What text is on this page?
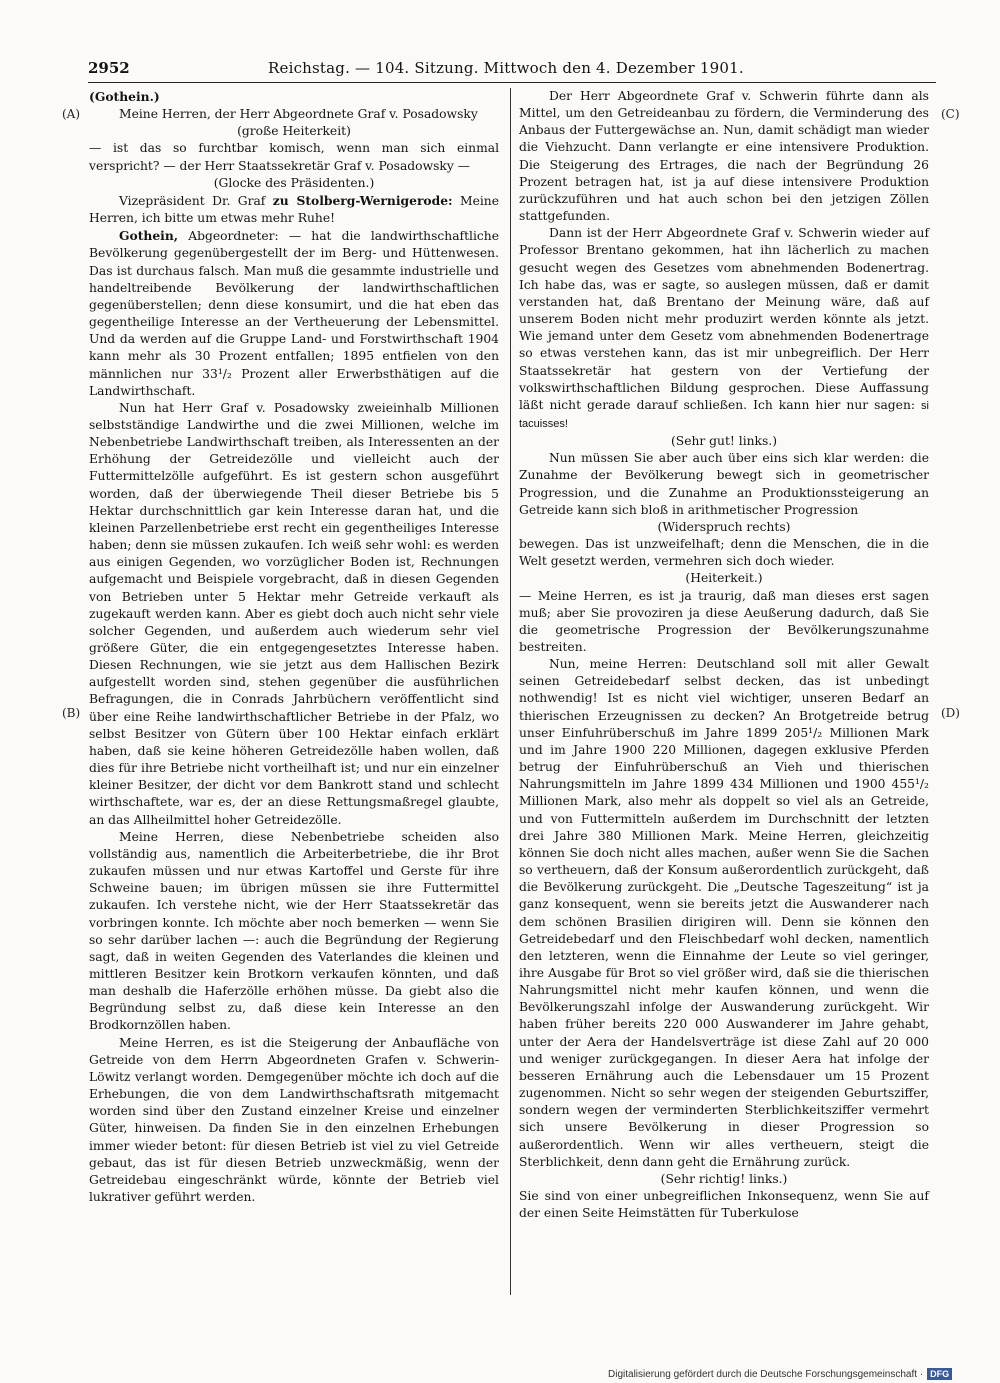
2952	Reichstag. — 104. Sitzung. Mittwoch den 4. Dezember 1901.
(A)
(B)
(C)
(D)

(Gothein.)

Meine Herren, der Herr Abgeordnete Graf v. Posadowsky

(große Heiterkeit)

— ist das so furchtbar komisch, wenn man sich einmal verspricht? — der Herr Staatssekretär Graf v. Posadowsky —

(Glocke des Präsidenten.)

Vizepräsident Dr. Graf zu Stolberg-Wernigerode: Meine Herren, ich bitte um etwas mehr Ruhe!

Gothein, Abgeordneter: — hat die landwirthschaftliche Bevölkerung gegenübergestellt der im Berg- und Hüttenwesen. Das ist durchaus falsch. Man muß die gesammte industrielle und handeltreibende Bevölkerung der landwirthschaftlichen gegenüberstellen; denn diese konsumirt, und die hat eben das gegentheilige Interesse an der Vertheuerung der Lebensmittel. Und da werden auf die Gruppe Land- und Forstwirthschaft 1904 kann mehr als 30 Prozent entfallen; 1895 entfielen von den männlichen nur 33¹/₂ Prozent aller Erwerbsthätigen auf die Landwirthschaft.

Nun hat Herr Graf v. Posadowsky zweieinhalb Millionen selbstständige Landwirthe und die zwei Millionen, welche im Nebenbetriebe Landwirthschaft treiben, als Interessenten an der Erhöhung der Getreidezölle und vielleicht auch der Futtermittelzölle aufgeführt. Es ist gestern schon ausgeführt worden, daß der überwiegende Theil dieser Betriebe bis 5 Hektar durchschnittlich gar kein Interesse daran hat, und die kleinen Parzellenbetriebe erst recht ein gegentheiliges Interesse haben; denn sie müssen zukaufen. Ich weiß sehr wohl: es werden aus einigen Gegenden, wo vorzüglicher Boden ist, Rechnungen aufgemacht und Beispiele vorgebracht, daß in diesen Gegenden von Betrieben unter 5 Hektar mehr Getreide verkauft als zugekauft werden kann. Aber es giebt doch auch nicht sehr viele solcher Gegenden, und außerdem auch wiederum sehr viel größere Güter, die ein entgegengesetztes Interesse haben. Diesen Rechnungen, wie sie jetzt aus dem Hallischen Bezirk aufgestellt worden sind, stehen gegenüber die ausführlichen Befragungen, die in Conrads Jahrbüchern veröffentlicht sind über eine Reihe landwirthschaftlicher Betriebe in der Pfalz, wo selbst Besitzer von Gütern über 100 Hektar einfach erklärt haben, daß sie keine höheren Getreidezölle haben wollen, daß dies für ihre Betriebe nicht vortheilhaft ist; und nur ein einzelner kleiner Besitzer, der dicht vor dem Bankrott stand und schlecht wirthschaftete, war es, der an diese Rettungsmaßregel glaubte, an das Allheilmittel hoher Getreidezölle.

Meine Herren, diese Nebenbetriebe scheiden also vollständig aus, namentlich die Arbeiterbetriebe, die ihr Brot zukaufen müssen und nur etwas Kartoffel und Gerste für ihre Schweine bauen; im übrigen müssen sie ihre Futtermittel zukaufen. Ich verstehe nicht, wie der Herr Staatssekretär das vorbringen konnte. Ich möchte aber noch bemerken — wenn Sie so sehr darüber lachen —: auch die Begründung der Regierung sagt, daß in weiten Gegenden des Vaterlandes die kleinen und mittleren Besitzer kein Brotkorn verkaufen könnten, und daß man deshalb die Haferzölle erhöhen müsse. Da giebt also die Begründung selbst zu, daß diese kein Interesse an den Brodkornzöllen haben.

Meine Herren, es ist die Steigerung der Anbaufläche von Getreide von dem Herrn Abgeordneten Grafen v. Schwerin-Löwitz verlangt worden. Demgegenüber möchte ich doch auf die Erhebungen, die von dem Landwirthschaftsrath mitgemacht worden sind über den Zustand einzelner Kreise und einzelner Güter, hinweisen. Da finden Sie in den einzelnen Erhebungen immer wieder betont: für diesen Betrieb ist viel zu viel Getreide gebaut, das ist für diesen Betrieb unzweckmäßig, wenn der Getreidebau eingeschränkt würde, könnte der Betrieb viel lukrativer geführt werden.

Der Herr Abgeordnete Graf v. Schwerin führte dann als Mittel, um den Getreideanbau zu fördern, die Verminderung des Anbaus der Futtergewächse an. Nun, damit schädigt man wieder die Viehzucht. Dann verlangte er eine intensivere Produktion. Die Steigerung des Ertrages, die nach der Begründung 26 Prozent betragen hat, ist ja auf diese intensivere Produktion zurückzuführen und hat auch schon bei den jetzigen Zöllen stattgefunden.

Dann ist der Herr Abgeordnete Graf v. Schwerin wieder auf Professor Brentano gekommen, hat ihn lächerlich zu machen gesucht wegen des Gesetzes vom abnehmenden Bodenertrag. Ich habe das, was er sagte, so auslegen müssen, daß er damit verstanden hat, daß Brentano der Meinung wäre, daß auf unserem Boden nicht mehr produzirt werden könnte als jetzt. Wie jemand unter dem Gesetz vom abnehmenden Bodenertrage so etwas verstehen kann, das ist mir unbegreiflich. Der Herr Staatssekretär hat gestern von der Vertiefung der volkswirthschaftlichen Bildung gesprochen. Diese Auffassung läßt nicht gerade darauf schließen. Ich kann hier nur sagen: si tacuisses!

(Sehr gut! links.)

Nun müssen Sie aber auch über eins sich klar werden: die Zunahme der Bevölkerung bewegt sich in geometrischer Progression, und die Zunahme an Produktionssteigerung an Getreide kann sich bloß in arithmetischer Progression

(Widerspruch rechts)

bewegen. Das ist unzweifelhaft; denn die Menschen, die in die Welt gesetzt werden, vermehren sich doch wieder.

(Heiterkeit.)

— Meine Herren, es ist ja traurig, daß man dieses erst sagen muß; aber Sie provoziren ja diese Aeußerung dadurch, daß Sie die geometrische Progression der Bevölkerungszunahme bestreiten.

Nun, meine Herren: Deutschland soll mit aller Gewalt seinen Getreidebedarf selbst decken, das ist unbedingt nothwendig! Ist es nicht viel wichtiger, unseren Bedarf an thierischen Erzeugnissen zu decken? An Brotgetreide betrug unser Einfuhrüberschuß im Jahre 1899 205¹/₂ Millionen Mark und im Jahre 1900 220 Millionen, dagegen exklusive Pferden betrug der Einfuhrüberschuß an Vieh und thierischen Nahrungsmitteln im Jahre 1899 434 Millionen und 1900 455¹/₂ Millionen Mark, also mehr als doppelt so viel als an Getreide, und von Futtermitteln außerdem im Durchschnitt der letzten drei Jahre 380 Millionen Mark. Meine Herren, gleichzeitig können Sie doch nicht alles machen, außer wenn Sie die Sachen so vertheuern, daß der Konsum außerordentlich zurückgeht, daß die Bevölkerung zurückgeht. Die „Deutsche Tageszeitung“ ist ja ganz konsequent, wenn sie bereits jetzt die Auswanderer nach dem schönen Brasilien dirigiren will. Denn sie können den Getreidebedarf und den Fleischbedarf wohl decken, namentlich den letzteren, wenn die Einnahme der Leute so viel geringer, ihre Ausgabe für Brot so viel größer wird, daß sie die thierischen Nahrungsmittel nicht mehr kaufen können, und wenn die Bevölkerungszahl infolge der Auswanderung zurückgeht. Wir haben früher bereits 220 000 Auswanderer im Jahre gehabt, unter der Aera der Handelsverträge ist diese Zahl auf 20 000 und weniger zurückgegangen. In dieser Aera hat infolge der besseren Ernährung auch die Lebensdauer um 15 Prozent zugenommen. Nicht so sehr wegen der steigenden Geburtsziffer, sondern wegen der verminderten Sterblichkeitsziffer vermehrt sich unsere Bevölkerung in dieser Progression so außerordentlich. Wenn wir alles vertheuern, steigt die Sterblichkeit, denn dann geht die Ernährung zurück.

(Sehr richtig! links.)

Sie sind von einer unbegreiflichen Inkonsequenz, wenn Sie auf der einen Seite Heimstätten für Tuberkulose

Digitalisierung gefördert durch die Deutsche Forschungsgemeinschaft · DFG
